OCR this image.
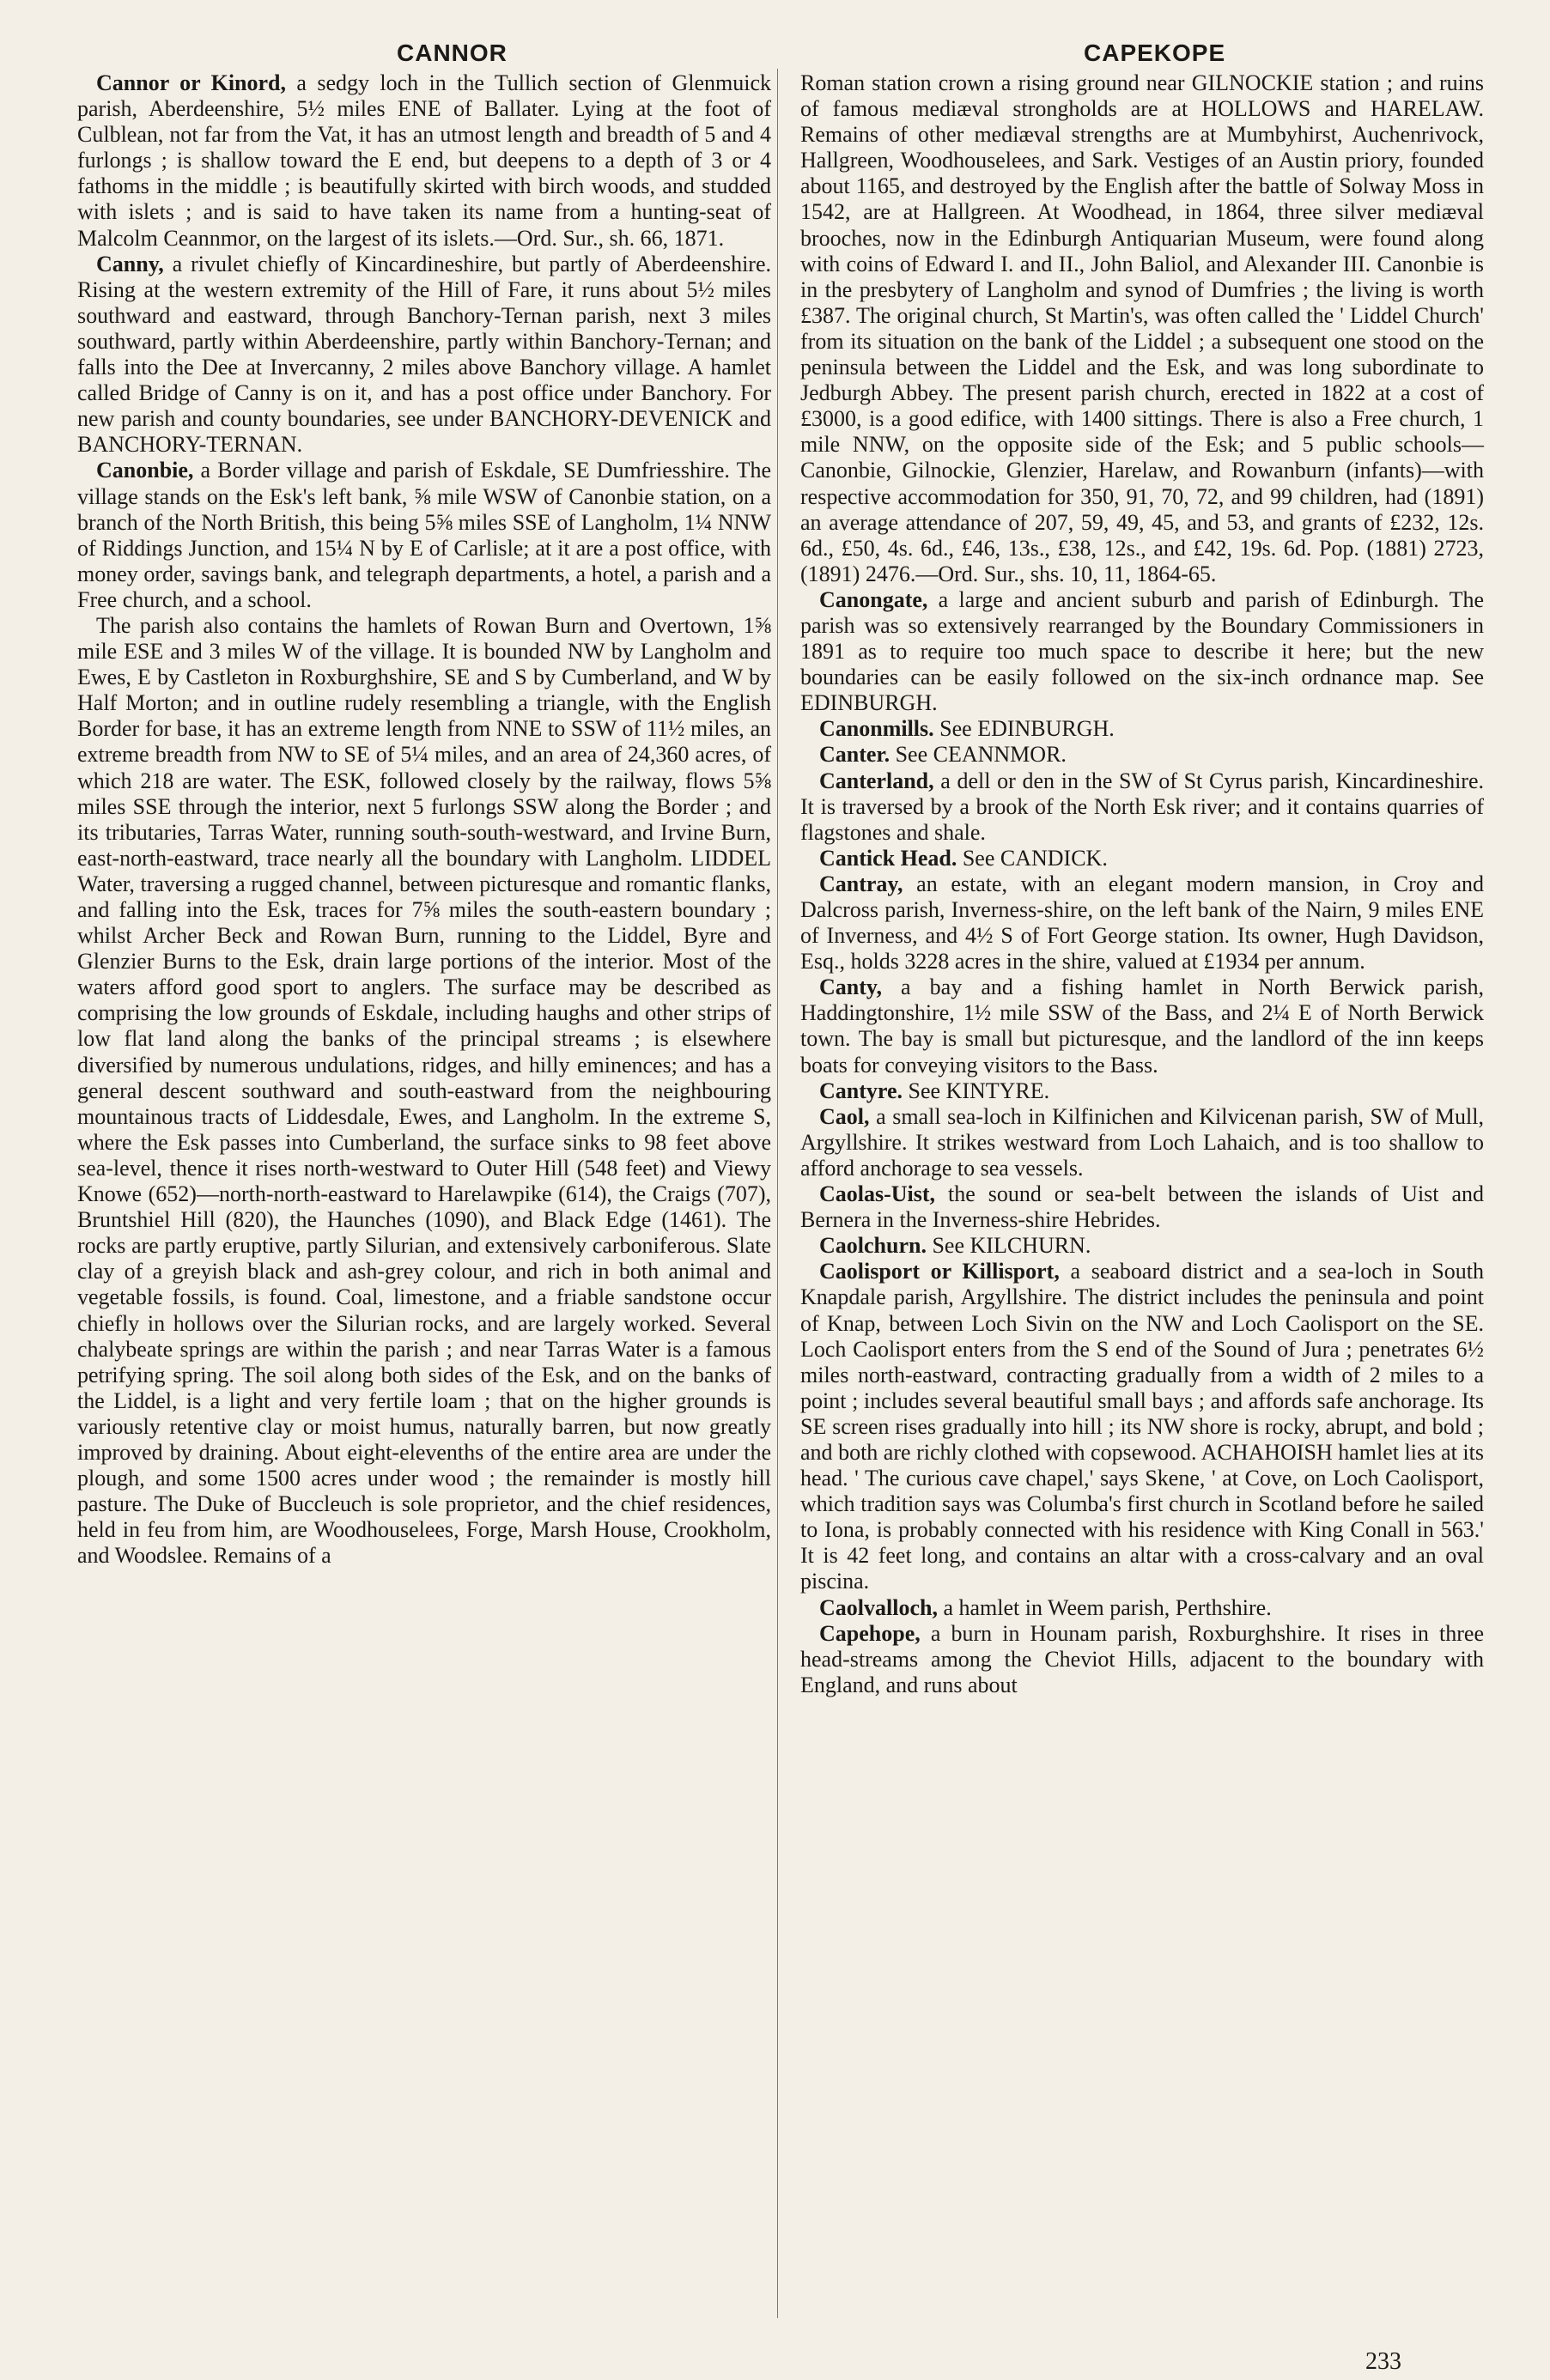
CANNOR	CAPEKOPE

Cannor or Kinord, a sedgy loch in the Tullich section of Glenmuick parish, Aberdeenshire, 5½ miles ENE of Ballater. Lying at the foot of Culblean, not far from the Vat, it has an utmost length and breadth of 5 and 4 furlongs ; is shallow toward the E end, but deepens to a depth of 3 or 4 fathoms in the middle ; is beautifully skirted with birch woods, and studded with islets ; and is said to have taken its name from a hunting-seat of Malcolm Ceannmor, on the largest of its islets.—Ord. Sur., sh. 66, 1871.

Canny, a rivulet chiefly of Kincardineshire, but partly of Aberdeenshire. Rising at the western extremity of the Hill of Fare, it runs about 5½ miles southward and eastward, through Banchory-Ternan parish, next 3 miles southward, partly within Aberdeenshire, partly within Banchory-Ternan; and falls into the Dee at Invercanny, 2 miles above Banchory village. A hamlet called Bridge of Canny is on it, and has a post office under Banchory. For new parish and county boundaries, see under BANCHORY-DEVENICK and BANCHORY-TERNAN.

Canonbie, a Border village and parish of Eskdale, SE Dumfriesshire. The village stands on the Esk's left bank, ⅝ mile WSW of Canonbie station, on a branch of the North British, this being 5⅝ miles SSE of Langholm, 1¼ NNW of Riddings Junction, and 15¼ N by E of Carlisle; at it are a post office, with money order, savings bank, and telegraph departments, a hotel, a parish and a Free church, and a school.

The parish also contains the hamlets of Rowan Burn and Overtown, 1⅝ mile ESE and 3 miles W of the village. It is bounded NW by Langholm and Ewes, E by Castleton in Roxburghshire, SE and S by Cumberland, and W by Half Morton; and in outline rudely resembling a triangle, with the English Border for base, it has an extreme length from NNE to SSW of 11½ miles, an extreme breadth from NW to SE of 5¼ miles, and an area of 24,360 acres, of which 218 are water. The ESK, followed closely by the railway, flows 5⅝ miles SSE through the interior, next 5 furlongs SSW along the Border ; and its tributaries, Tarras Water, running south-south-westward, and Irvine Burn, east-north-eastward, trace nearly all the boundary with Langholm. LIDDEL Water, traversing a rugged channel, between picturesque and romantic flanks, and falling into the Esk, traces for 7⅝ miles the south-eastern boundary ; whilst Archer Beck and Rowan Burn, running to the Liddel, Byre and Glenzier Burns to the Esk, drain large portions of the interior. Most of the waters afford good sport to anglers. The surface may be described as comprising the low grounds of Eskdale, including haughs and other strips of low flat land along the banks of the principal streams ; is elsewhere diversified by numerous undulations, ridges, and hilly eminences; and has a general descent southward and south-eastward from the neighbouring mountainous tracts of Liddesdale, Ewes, and Langholm. In the extreme S, where the Esk passes into Cumberland, the surface sinks to 98 feet above sea-level, thence it rises north-westward to Outer Hill (548 feet) and Viewy Knowe (652)—north-north-eastward to Harelawpike (614), the Craigs (707), Bruntshiel Hill (820), the Haunches (1090), and Black Edge (1461). The rocks are partly eruptive, partly Silurian, and extensively carboniferous. Slate clay of a greyish black and ash-grey colour, and rich in both animal and vegetable fossils, is found. Coal, limestone, and a friable sandstone occur chiefly in hollows over the Silurian rocks, and are largely worked. Several chalybeate springs are within the parish ; and near Tarras Water is a famous petrifying spring. The soil along both sides of the Esk, and on the banks of the Liddel, is a light and very fertile loam ; that on the higher grounds is variously retentive clay or moist humus, naturally barren, but now greatly improved by draining. About eight-elevenths of the entire area are under the plough, and some 1500 acres under wood ; the remainder is mostly hill pasture. The Duke of Buccleuch is sole proprietor, and the chief residences, held in feu from him, are Woodhouselees, Forge, Marsh House, Crookholm, and Woodslee. Remains of a

Roman station crown a rising ground near GILNOCKIE station ; and ruins of famous mediæval strongholds are at HOLLOWS and HARELAW. Remains of other mediæval strengths are at Mumbyhirst, Auchenrivock, Hallgreen, Woodhouselees, and Sark. Vestiges of an Austin priory, founded about 1165, and destroyed by the English after the battle of Solway Moss in 1542, are at Hallgreen. At Woodhead, in 1864, three silver mediæval brooches, now in the Edinburgh Antiquarian Museum, were found along with coins of Edward I. and II., John Baliol, and Alexander III. Canonbie is in the presbytery of Langholm and synod of Dumfries ; the living is worth £387. The original church, St Martin's, was often called the ' Liddel Church' from its situation on the bank of the Liddel ; a subsequent one stood on the peninsula between the Liddel and the Esk, and was long subordinate to Jedburgh Abbey. The present parish church, erected in 1822 at a cost of £3000, is a good edifice, with 1400 sittings. There is also a Free church, 1 mile NNW, on the opposite side of the Esk; and 5 public schools—Canonbie, Gilnockie, Glenzier, Harelaw, and Rowanburn (infants)—with respective accommodation for 350, 91, 70, 72, and 99 children, had (1891) an average attendance of 207, 59, 49, 45, and 53, and grants of £232, 12s. 6d., £50, 4s. 6d., £46, 13s., £38, 12s., and £42, 19s. 6d. Pop. (1881) 2723, (1891) 2476.—Ord. Sur., shs. 10, 11, 1864-65.

Canongate, a large and ancient suburb and parish of Edinburgh. The parish was so extensively rearranged by the Boundary Commissioners in 1891 as to require too much space to describe it here; but the new boundaries can be easily followed on the six-inch ordnance map. See EDINBURGH.

Canonmills. See EDINBURGH.

Canter. See CEANNMOR.

Canterland, a dell or den in the SW of St Cyrus parish, Kincardineshire. It is traversed by a brook of the North Esk river; and it contains quarries of flagstones and shale.

Cantick Head. See CANDICK.

Cantray, an estate, with an elegant modern mansion, in Croy and Dalcross parish, Inverness-shire, on the left bank of the Nairn, 9 miles ENE of Inverness, and 4½ S of Fort George station. Its owner, Hugh Davidson, Esq., holds 3228 acres in the shire, valued at £1934 per annum.

Canty, a bay and a fishing hamlet in North Berwick parish, Haddingtonshire, 1½ mile SSW of the Bass, and 2¼ E of North Berwick town. The bay is small but picturesque, and the landlord of the inn keeps boats for conveying visitors to the Bass.

Cantyre. See KINTYRE.

Caol, a small sea-loch in Kilfinichen and Kilvicenan parish, SW of Mull, Argyllshire. It strikes westward from Loch Lahaich, and is too shallow to afford anchorage to sea vessels.

Caolas-Uist, the sound or sea-belt between the islands of Uist and Bernera in the Inverness-shire Hebrides.

Caolchurn. See KILCHURN.

Caolisport or Killisport, a seaboard district and a sea-loch in South Knapdale parish, Argyllshire. The district includes the peninsula and point of Knap, between Loch Sivin on the NW and Loch Caolisport on the SE. Loch Caolisport enters from the S end of the Sound of Jura ; penetrates 6½ miles north-eastward, contracting gradually from a width of 2 miles to a point ; includes several beautiful small bays ; and affords safe anchorage. Its SE screen rises gradually into hill ; its NW shore is rocky, abrupt, and bold ; and both are richly clothed with copsewood. ACHAHOISH hamlet lies at its head. ' The curious cave chapel,' says Skene, ' at Cove, on Loch Caolisport, which tradition says was Columba's first church in Scotland before he sailed to Iona, is probably connected with his residence with King Conall in 563.' It is 42 feet long, and contains an altar with a cross-calvary and an oval piscina.

Caolvalloch, a hamlet in Weem parish, Perthshire.

Capehope, a burn in Hounam parish, Roxburghshire. It rises in three head-streams among the Cheviot Hills, adjacent to the boundary with England, and runs about

233
